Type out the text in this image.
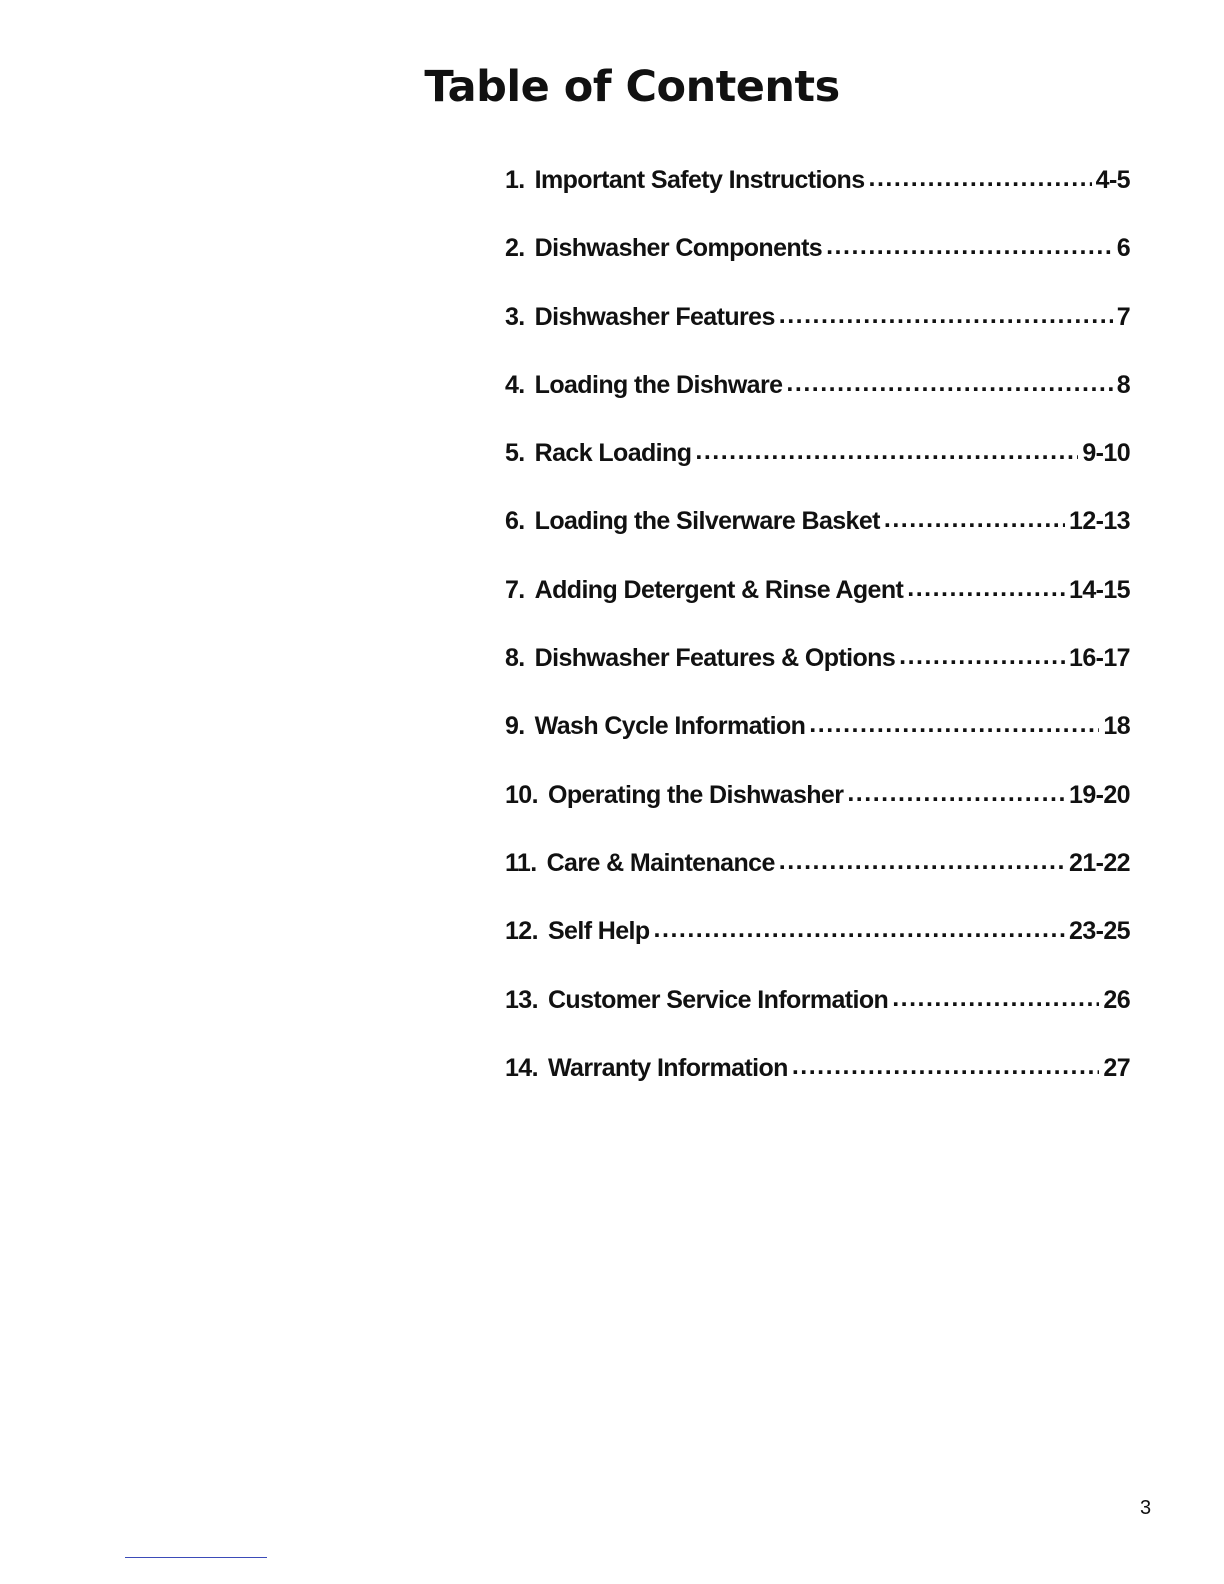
Table of Contents
1. Important Safety Instructions .....	4-5
2. Dishwasher Components .....	6
3. Dishwasher Features .....	7
4. Loading the Dishware .....	8
5. Rack Loading .....	9-10
6. Loading the Silverware Basket .....	12-13
7. Adding Detergent & Rinse Agent .....	14-15
8. Dishwasher Features & Options .....	16-17
9. Wash Cycle Information .....	18
10. Operating the Dishwasher .....	19-20
11. Care & Maintenance .....	21-22
12. Self Help .....	23-25
13. Customer Service Information .....	26
14. Warranty Information .....	27
3
